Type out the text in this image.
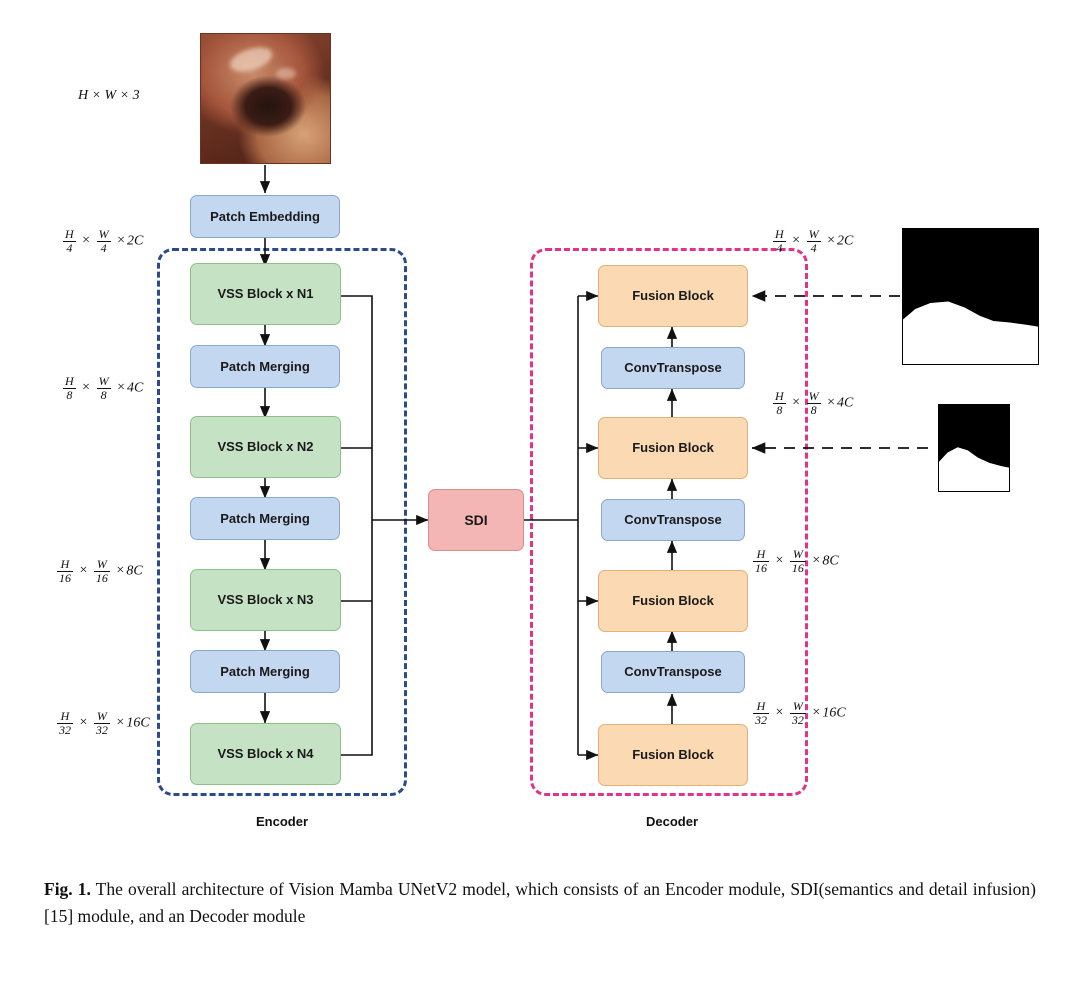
Encoder	Decoder
H × W × 3
Patch Embedding
VSS Block x N1
Patch Merging
VSS Block x N2
Patch Merging
VSS Block x N3
Patch Merging
VSS Block x N4
SDI
Fusion Block
ConvTranspose
Fusion Block
ConvTranspose
Fusion Block
ConvTranspose
Fusion Block
$\frac{H}{4} \times \frac{W}{4} \times 2C$
$\frac{H}{8} \times \frac{W}{8} \times 4C$
$\frac{H}{16} \times \frac{W}{16} \times 8C$
$\frac{H}{32} \times \frac{W}{32} \times 16C$
$\frac{H}{4} \times \frac{W}{4} \times 2C$
$\frac{H}{8} \times \frac{W}{8} \times 4C$
$\frac{H}{16} \times \frac{W}{16} \times 8C$
$\frac{H}{32} \times \frac{W}{32} \times 16C$
Fig. 1. The overall architecture of Vision Mamba UNetV2 model, which consists of an Encoder module, SDI(semantics and detail infusion) [15] module, and an Decoder module
